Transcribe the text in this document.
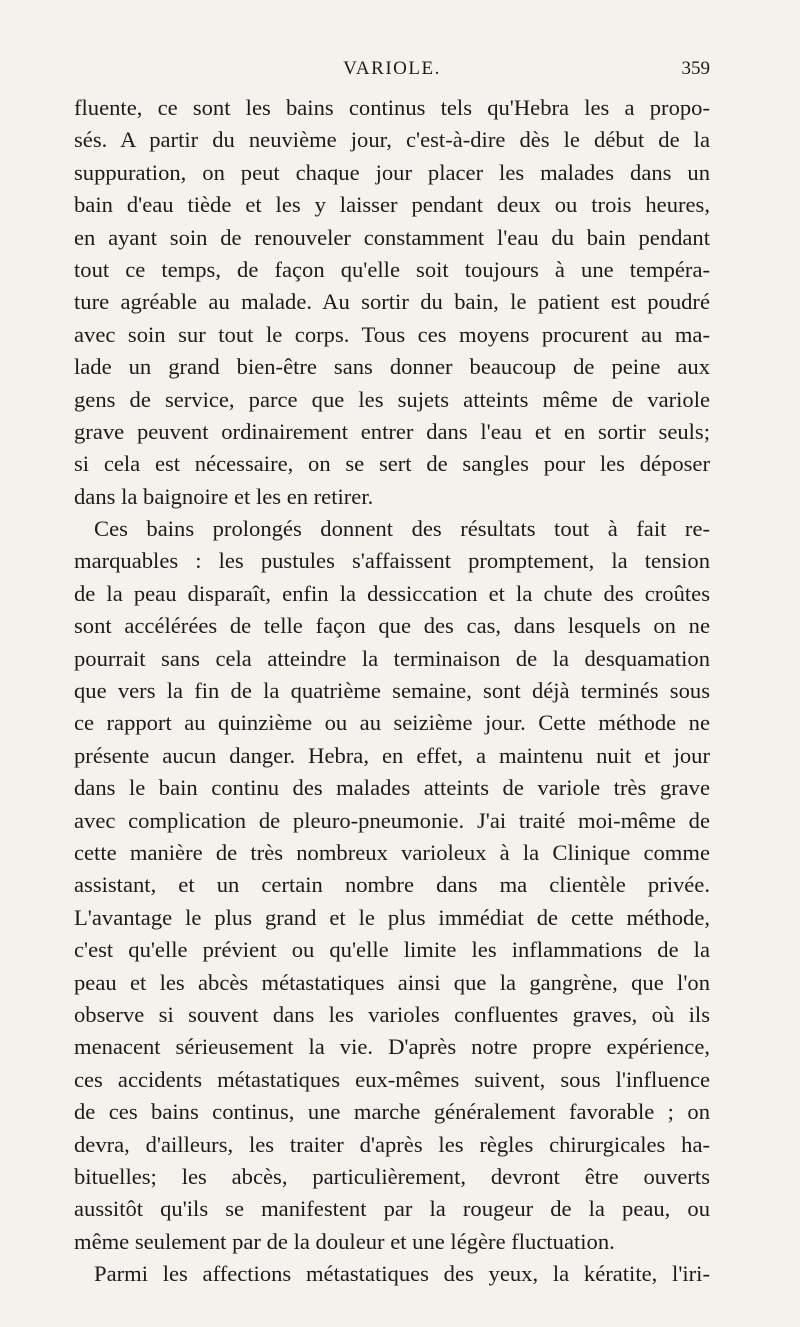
VARIOLE.	359
fluente, ce sont les bains continus tels qu'Hebra les a propo-
sés. A partir du neuvième jour, c'est-à-dire dès le début de la
suppuration, on peut chaque jour placer les malades dans un
bain d'eau tiède et les y laisser pendant deux ou trois heures,
en ayant soin de renouveler constamment l'eau du bain pendant
tout ce temps, de façon qu'elle soit toujours à une tempéra-
ture agréable au malade. Au sortir du bain, le patient est poudré
avec soin sur tout le corps. Tous ces moyens procurent au ma-
lade un grand bien-être sans donner beaucoup de peine aux
gens de service, parce que les sujets atteints même de variole
grave peuvent ordinairement entrer dans l'eau et en sortir seuls;
si cela est nécessaire, on se sert de sangles pour les déposer
dans la baignoire et les en retirer.
Ces bains prolongés donnent des résultats tout à fait re-
marquables : les pustules s'affaissent promptement, la tension
de la peau disparaît, enfin la dessiccation et la chute des croûtes
sont accélérées de telle façon que des cas, dans lesquels on ne
pourrait sans cela atteindre la terminaison de la desquamation
que vers la fin de la quatrième semaine, sont déjà terminés sous
ce rapport au quinzième ou au seizième jour. Cette méthode ne
présente aucun danger. Hebra, en effet, a maintenu nuit et jour
dans le bain continu des malades atteints de variole très grave
avec complication de pleuro-pneumonie. J'ai traité moi-même de
cette manière de très nombreux varioleux à la Clinique comme
assistant, et un certain nombre dans ma clientèle privée.
L'avantage le plus grand et le plus immédiat de cette méthode,
c'est qu'elle prévient ou qu'elle limite les inflammations de la
peau et les abcès métastatiques ainsi que la gangrène, que l'on
observe si souvent dans les varioles confluentes graves, où ils
menacent sérieusement la vie. D'après notre propre expérience,
ces accidents métastatiques eux-mêmes suivent, sous l'influence
de ces bains continus, une marche généralement favorable ; on
devra, d'ailleurs, les traiter d'après les règles chirurgicales ha-
bituelles; les abcès, particulièrement, devront être ouverts
aussitôt qu'ils se manifestent par la rougeur de la peau, ou
même seulement par de la douleur et une légère fluctuation.
Parmi les affections métastatiques des yeux, la kératite, l'iri-
